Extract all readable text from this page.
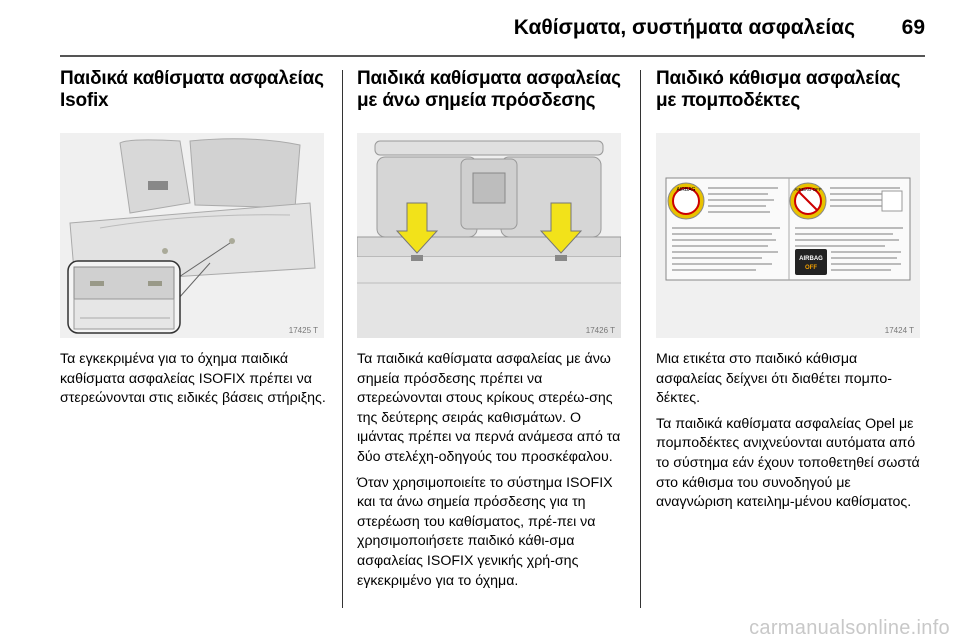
Καθίσματα, συστήματα ασφαλείας 69
Παιδικά καθίσματα ασφαλείας Isofix
17425 T

Τα εγκεκριμένα για το όχημα παιδικά καθίσματα ασφαλείας ISOFIX πρέπει να στερεώνονται στις ειδικές βάσεις στήριξης.

Παιδικά καθίσματα ασφαλείας με άνω σημεία πρόσδεσης
17426 T

Τα παιδικά καθίσματα ασφαλείας με άνω σημεία πρόσδεσης πρέπει να στερεώνονται στους κρίκους στερέω-σης της δεύτερης σειράς καθισμάτων. Ο ιμάντας πρέπει να περνά ανάμεσα από τα δύο στελέχη-οδηγούς του προσκέφαλου.

Όταν χρησιμοποιείτε το σύστημα ISOFIX και τα άνω σημεία πρόσδεσης για τη στερέωση του καθίσματος, πρέ-πει να χρησιμοποιήσετε παιδικό κάθι-σμα ασφαλείας ISOFIX γενικής χρή-σης εγκεκριμένο για το όχημα.

Παιδικό κάθισμα ασφαλείας με πομποδέκτες
AIRBAG	AIRBAG OFF
AIRBAG
OFF
17424 T

Μια ετικέτα στο παιδικό κάθισμα ασφαλείας δείχνει ότι διαθέτει πομπο-δέκτες.

Τα παιδικά καθίσματα ασφαλείας Opel με πομποδέκτες ανιχνεύονται αυτόματα από το σύστημα εάν έχουν τοποθετηθεί σωστά στο κάθισμα του συνοδηγού με αναγνώριση κατειλημ-μένου καθίσματος.

carmanualsonline.info
